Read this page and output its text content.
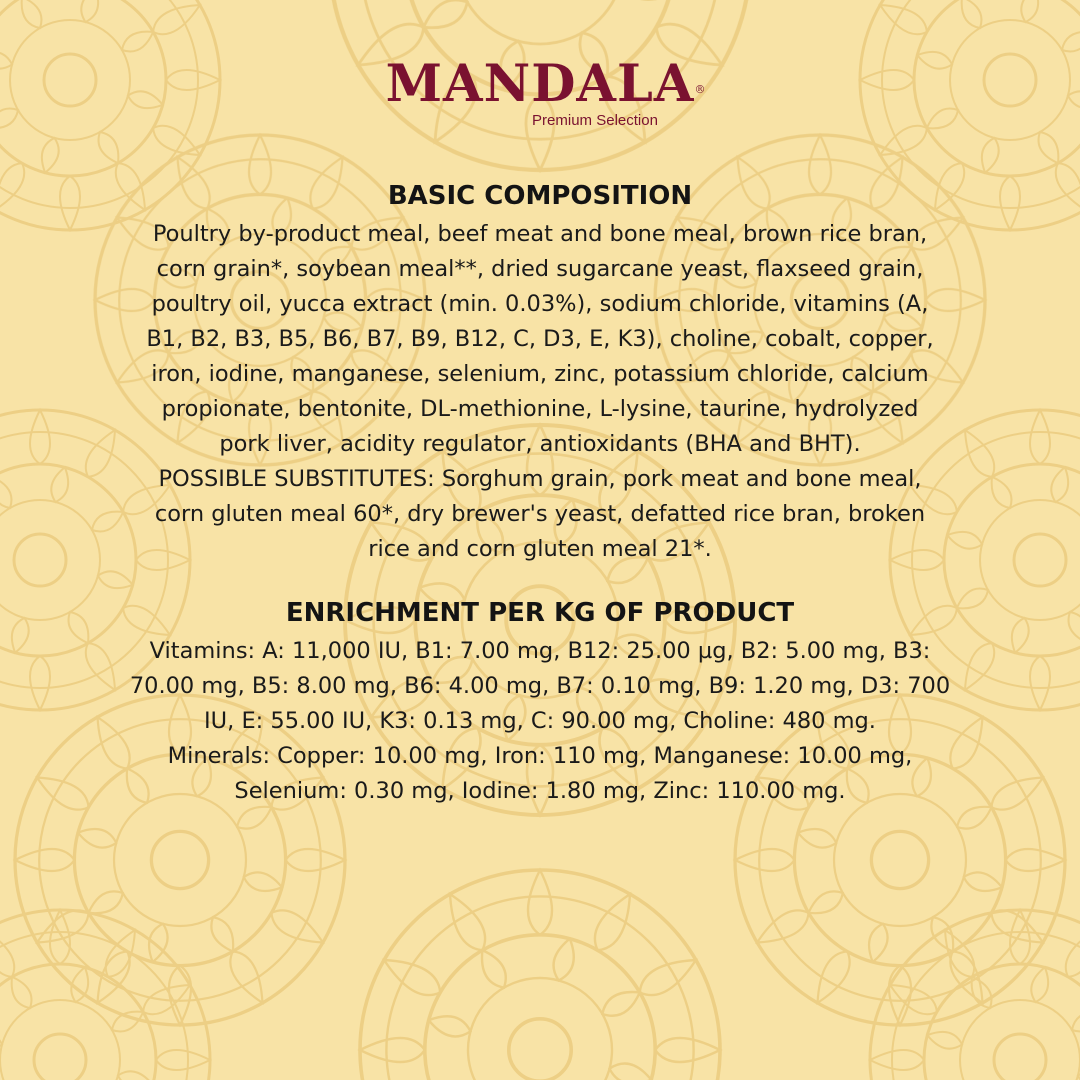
MANDALA ®
Premium Selection
BASIC COMPOSITION
Poultry by-product meal, beef meat and bone meal, brown rice bran,
corn grain*, soybean meal**, dried sugarcane yeast, flaxseed grain,
poultry oil, yucca extract (min. 0.03%), sodium chloride, vitamins (A,
B1, B2, B3, B5, B6, B7, B9, B12, C, D3, E, K3), choline, cobalt, copper,
iron, iodine, manganese, selenium, zinc, potassium chloride, calcium
propionate, bentonite, DL-methionine, L-lysine, taurine, hydrolyzed
pork liver, acidity regulator, antioxidants (BHA and BHT).
POSSIBLE SUBSTITUTES: Sorghum grain, pork meat and bone meal,
corn gluten meal 60*, dry brewer's yeast, defatted rice bran, broken
rice and corn gluten meal 21*.
ENRICHMENT PER KG OF PRODUCT
Vitamins: A: 11,000 IU, B1: 7.00 mg, B12: 25.00 µg, B2: 5.00 mg, B3:
70.00 mg, B5: 8.00 mg, B6: 4.00 mg, B7: 0.10 mg, B9: 1.20 mg, D3: 700
IU, E: 55.00 IU, K3: 0.13 mg, C: 90.00 mg, Choline: 480 mg.
Minerals: Copper: 10.00 mg, Iron: 110 mg, Manganese: 10.00 mg,
Selenium: 0.30 mg, Iodine: 1.80 mg, Zinc: 110.00 mg.
